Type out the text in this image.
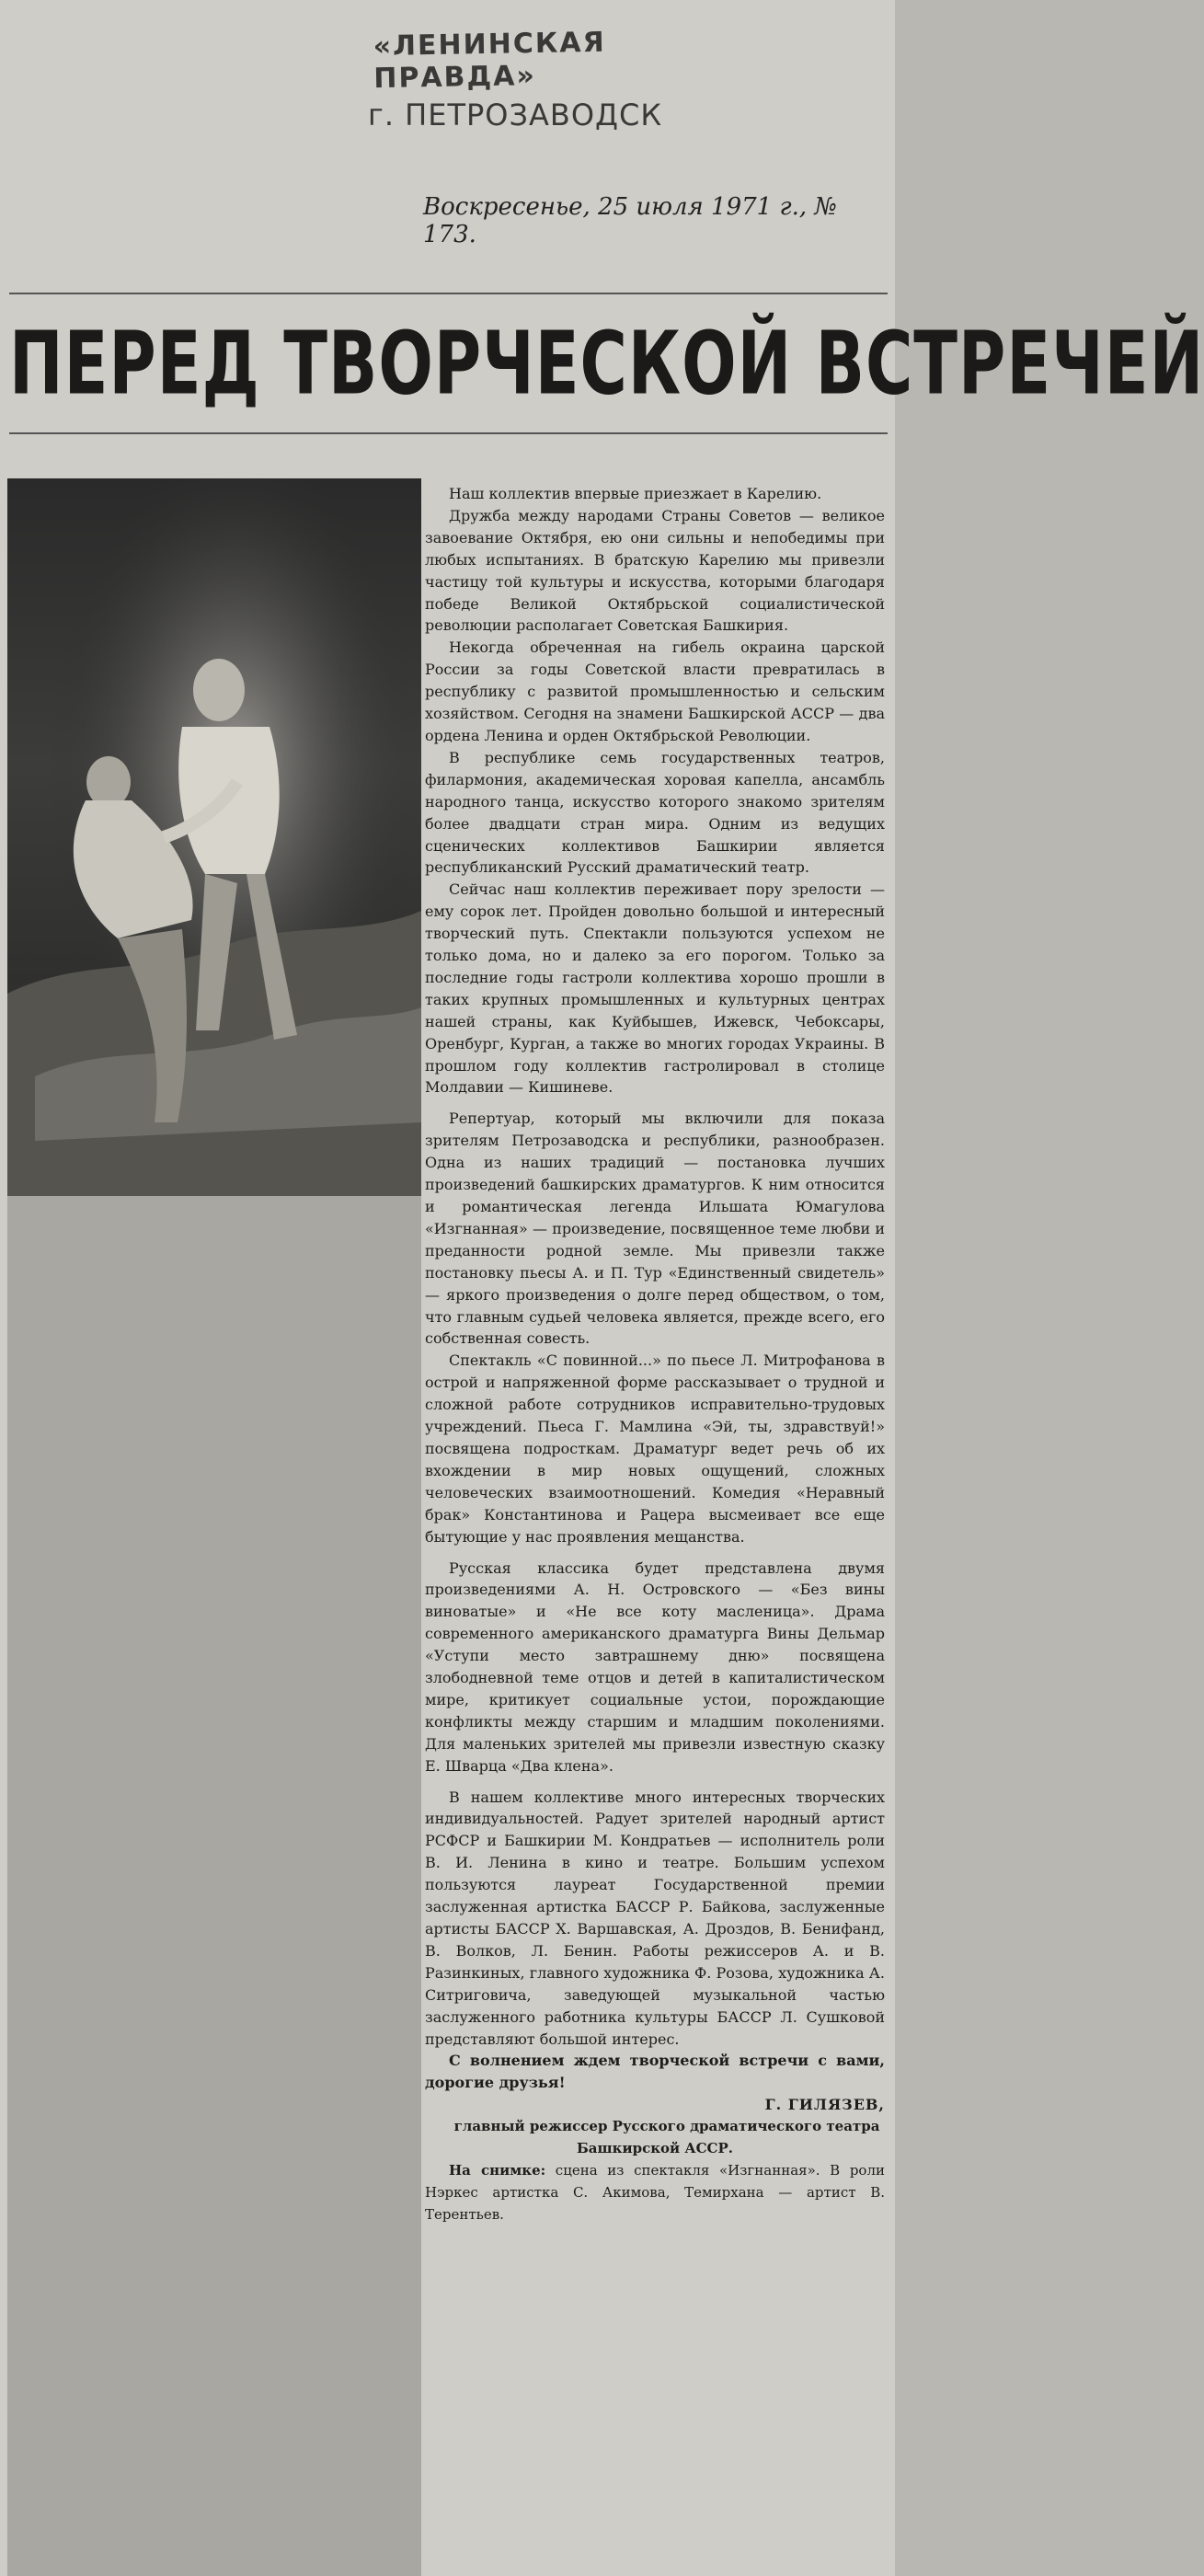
«ЛЕНИНСКАЯ ПРАВДА»
г. ПЕТРОЗАВОДСК
Воскресенье, 25 июля 1971 г., № 173.
ПЕРЕД ТВОРЧЕСКОЙ ВСТРЕЧЕЙ

Наш коллектив впервые приезжает в Карелию.

Дружба между народами Страны Советов — великое завоевание Октября, ею они сильны и непобедимы при любых испытаниях. В братскую Карелию мы привезли частицу той культуры и искусства, которыми благодаря победе Великой Октябрьской социалистической революции располагает Советская Башкирия.

Некогда обреченная на гибель окраина царской России за годы Советской власти превратилась в республику с развитой промышленностью и сельским хозяйством. Сегодня на знамени Башкирской АССР — два ордена Ленина и орден Октябрьской Революции.

В республике семь государственных театров, филармония, академическая хоровая капелла, ансамбль народного танца, искусство которого знакомо зрителям более двадцати стран мира. Одним из ведущих сценических коллективов Башкирии является республиканский Русский драматический театр.

Сейчас наш коллектив переживает пору зрелости — ему сорок лет. Пройден довольно большой и интересный творческий путь. Спектакли пользуются успехом не только дома, но и далеко за его порогом. Только за последние годы гастроли коллектива хорошо прошли в таких крупных промышленных и культурных центрах нашей страны, как Куйбышев, Ижевск, Чебоксары, Оренбург, Курган, а также во многих городах Украины. В прошлом году коллектив гастролировал в столице Молдавии — Кишиневе.

Репертуар, который мы включили для показа зрителям Петрозаводска и республики, разнообразен. Одна из наших традиций — постановка лучших произведений башкирских драматургов. К ним относится и романтическая легенда Ильшата Юмагулова «Изгнанная» — произведение, посвященное теме любви и преданности родной земле. Мы привезли также постановку пьесы А. и П. Тур «Единственный свидетель» — яркого произведения о долге перед обществом, о том, что главным судьей человека является, прежде всего, его собственная совесть.

Спектакль «С повинной...» по пьесе Л. Митрофанова в острой и напряженной форме рассказывает о трудной и сложной работе сотрудников исправительно-трудовых учреждений. Пьеса Г. Мамлина «Эй, ты, здравствуй!» посвящена подросткам. Драматург ведет речь об их вхождении в мир новых ощущений, сложных человеческих взаимоотношений. Комедия «Неравный брак» Константинова и Рацера высмеивает все еще бытующие у нас проявления мещанства.

Русская классика будет представлена двумя произведениями А. Н. Островского — «Без вины виноватые» и «Не все коту масленица». Драма современного американского драматурга Вины Дельмар «Уступи место завтрашнему дню» посвящена злободневной теме отцов и детей в капиталистическом мире, критикует социальные устои, порождающие конфликты между старшим и младшим поколениями. Для маленьких зрителей мы привезли известную сказку Е. Шварца «Два клена».

В нашем коллективе много интересных творческих индивидуальностей. Радует зрителей народный артист РСФСР и Башкирии М. Кондратьев — исполнитель роли В. И. Ленина в кино и театре. Большим успехом пользуются лауреат Государственной премии заслуженная артистка БАССР Р. Байкова, заслуженные артисты БАССР Х. Варшавская, А. Дроздов, В. Бенифанд, В. Волков, Л. Бенин. Работы режиссеров А. и В. Разинкиных, главного художника Ф. Розова, художника А. Ситриговича, заведующей музыкальной частью заслуженного работника культуры БАССР Л. Сушковой представляют большой интерес.

С волнением ждем творческой встречи с вами, дорогие друзья!

Г. ГИЛЯЗЕВ,

главный режиссер Русского драматического театра Башкирской АССР.

На снимке: сцена из спектакля «Изгнанная». В роли Нэркес артистка С. Акимова, Темирхана — артист В. Терентьев.
